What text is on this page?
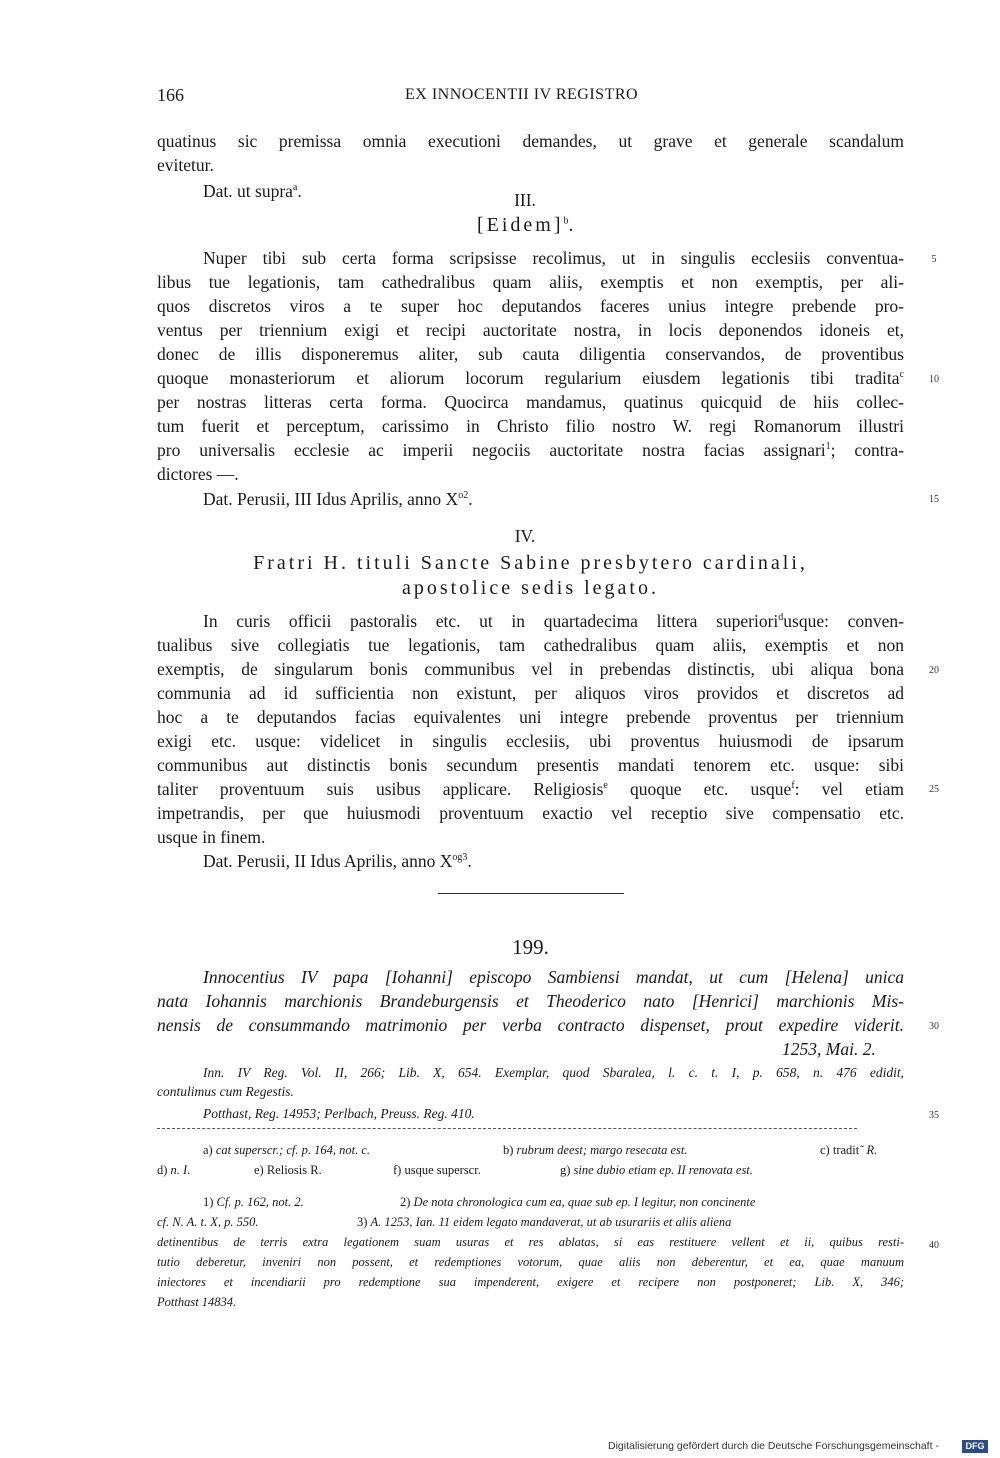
166	EX INNOCENTII IV REGISTRO
quatinus sic premissa omnia executioni demandes, ut grave et generale scandalum
evitetur.
Dat. ut supra$^a$.	III.
[Eidem]$^b$.
Nuper tibi sub certa forma scripsisse recolimus, ut in singulis ecclesiis conventua-
libus tue legationis, tam cathedralibus quam aliis, exemptis et non exemptis, per ali-
quos discretos viros a te super hoc deputandos faceres unius integre prebende pro-
ventus per triennium exigi et recipi auctoritate nostra, in locis deponendos idoneis et,
donec de illis disponeremus aliter, sub cauta diligentia conservandos, de proventibus
quoque monasteriorum et aliorum locorum regularium eiusdem legationis tibi tradita$^c$
per nostras litteras certa forma. Quocirca mandamus, quatinus quicquid de hiis collec-
tum fuerit et perceptum, carissimo in Christo filio nostro W. regi Romanorum illustri
pro universalis ecclesie ac imperii negociis auctoritate nostra facias assignari$^1$; contra-
dictores —.
Dat. Perusii, III Idus Aprilis, anno $X^{o2}$.
IV.
Fratri H. tituli Sancte Sabine presbytero cardinali,
apostolice sedis legato.
In curis officii pastoralis etc. ut in quartadecima littera superiori$^d$usque: conven-
tualibus sive collegiatis tue legationis, tam cathedralibus quam aliis, exemptis et non
exemptis, de singularum bonis communibus vel in prebendas distinctis, ubi aliqua bona
communia ad id sufficientia non existunt, per aliquos viros providos et discretos ad
hoc a te deputandos facias equivalentes uni integre prebende proventus per triennium
exigi etc. usque: videlicet in singulis ecclesiis, ubi proventus huiusmodi de ipsarum
communibus aut distinctis bonis secundum presentis mandati tenorem etc. usque: sibi
taliter proventuum suis usibus applicare. Religiosis$^e$ quoque etc. usque$^f$: vel etiam
impetrandis, per que huiusmodi proventuum exactio vel receptio sive compensatio etc.
usque in finem.
Dat. Perusii, II Idus Aprilis, anno $X^{og3}$.
199.
Innocentius IV papa [Iohanni] episcopo Sambiensi mandat, ut cum [Helena] unica
nata Iohannis marchionis Brandeburgensis et Theoderico nato [Henrici] marchionis Mis-
nensis de consummando matrimonio per verba contracto dispenset, prout expedire viderit.
1253, Mai. 2.
Inn. IV Reg. Vol. II, 266; Lib. X, 654. Exemplar, quod Sbaralea, l. c. t. I, p. 658, n. 476 edidit,
contulimus cum Regestis.
Potthast, Reg. 14953; Perlbach, Preuss. Reg. 410.
a) cat superscr.; cf. p. 164, not. c.	b) rubrum deest; margo resecata est.	c) tradit˜ R.
d) n. I.	e) Reliosis R.	f) usque superscr.	g) sine dubio etiam ep. II renovata est.
1) Cf. p. 162, not. 2.	2) De nota chronologica cum ea, quae sub ep. I legitur, non concinente
cf. N. A. t. X, p. 550.	3) A. 1253, Ian. 11 eidem legato mandaverat, ut ab usurariis et aliis aliena
detinentibus de terris extra legationem suam usuras et res ablatas, si eas restituere vellent et ii, quibus resti-
tutio deberetur, inveniri non possent, et redemptiones votorum, quae aliis non deberentur, et ea, quae manuum
iniectores et incendiarii pro redemptione sua impenderent, exigere et recipere non postponeret; Lib. X, 346;
Potthast 14834.
5
10
15
20
25
30
35
40
Digitalisierung gefördert durch die Deutsche Forschungsgemeinschaft -	DFG
